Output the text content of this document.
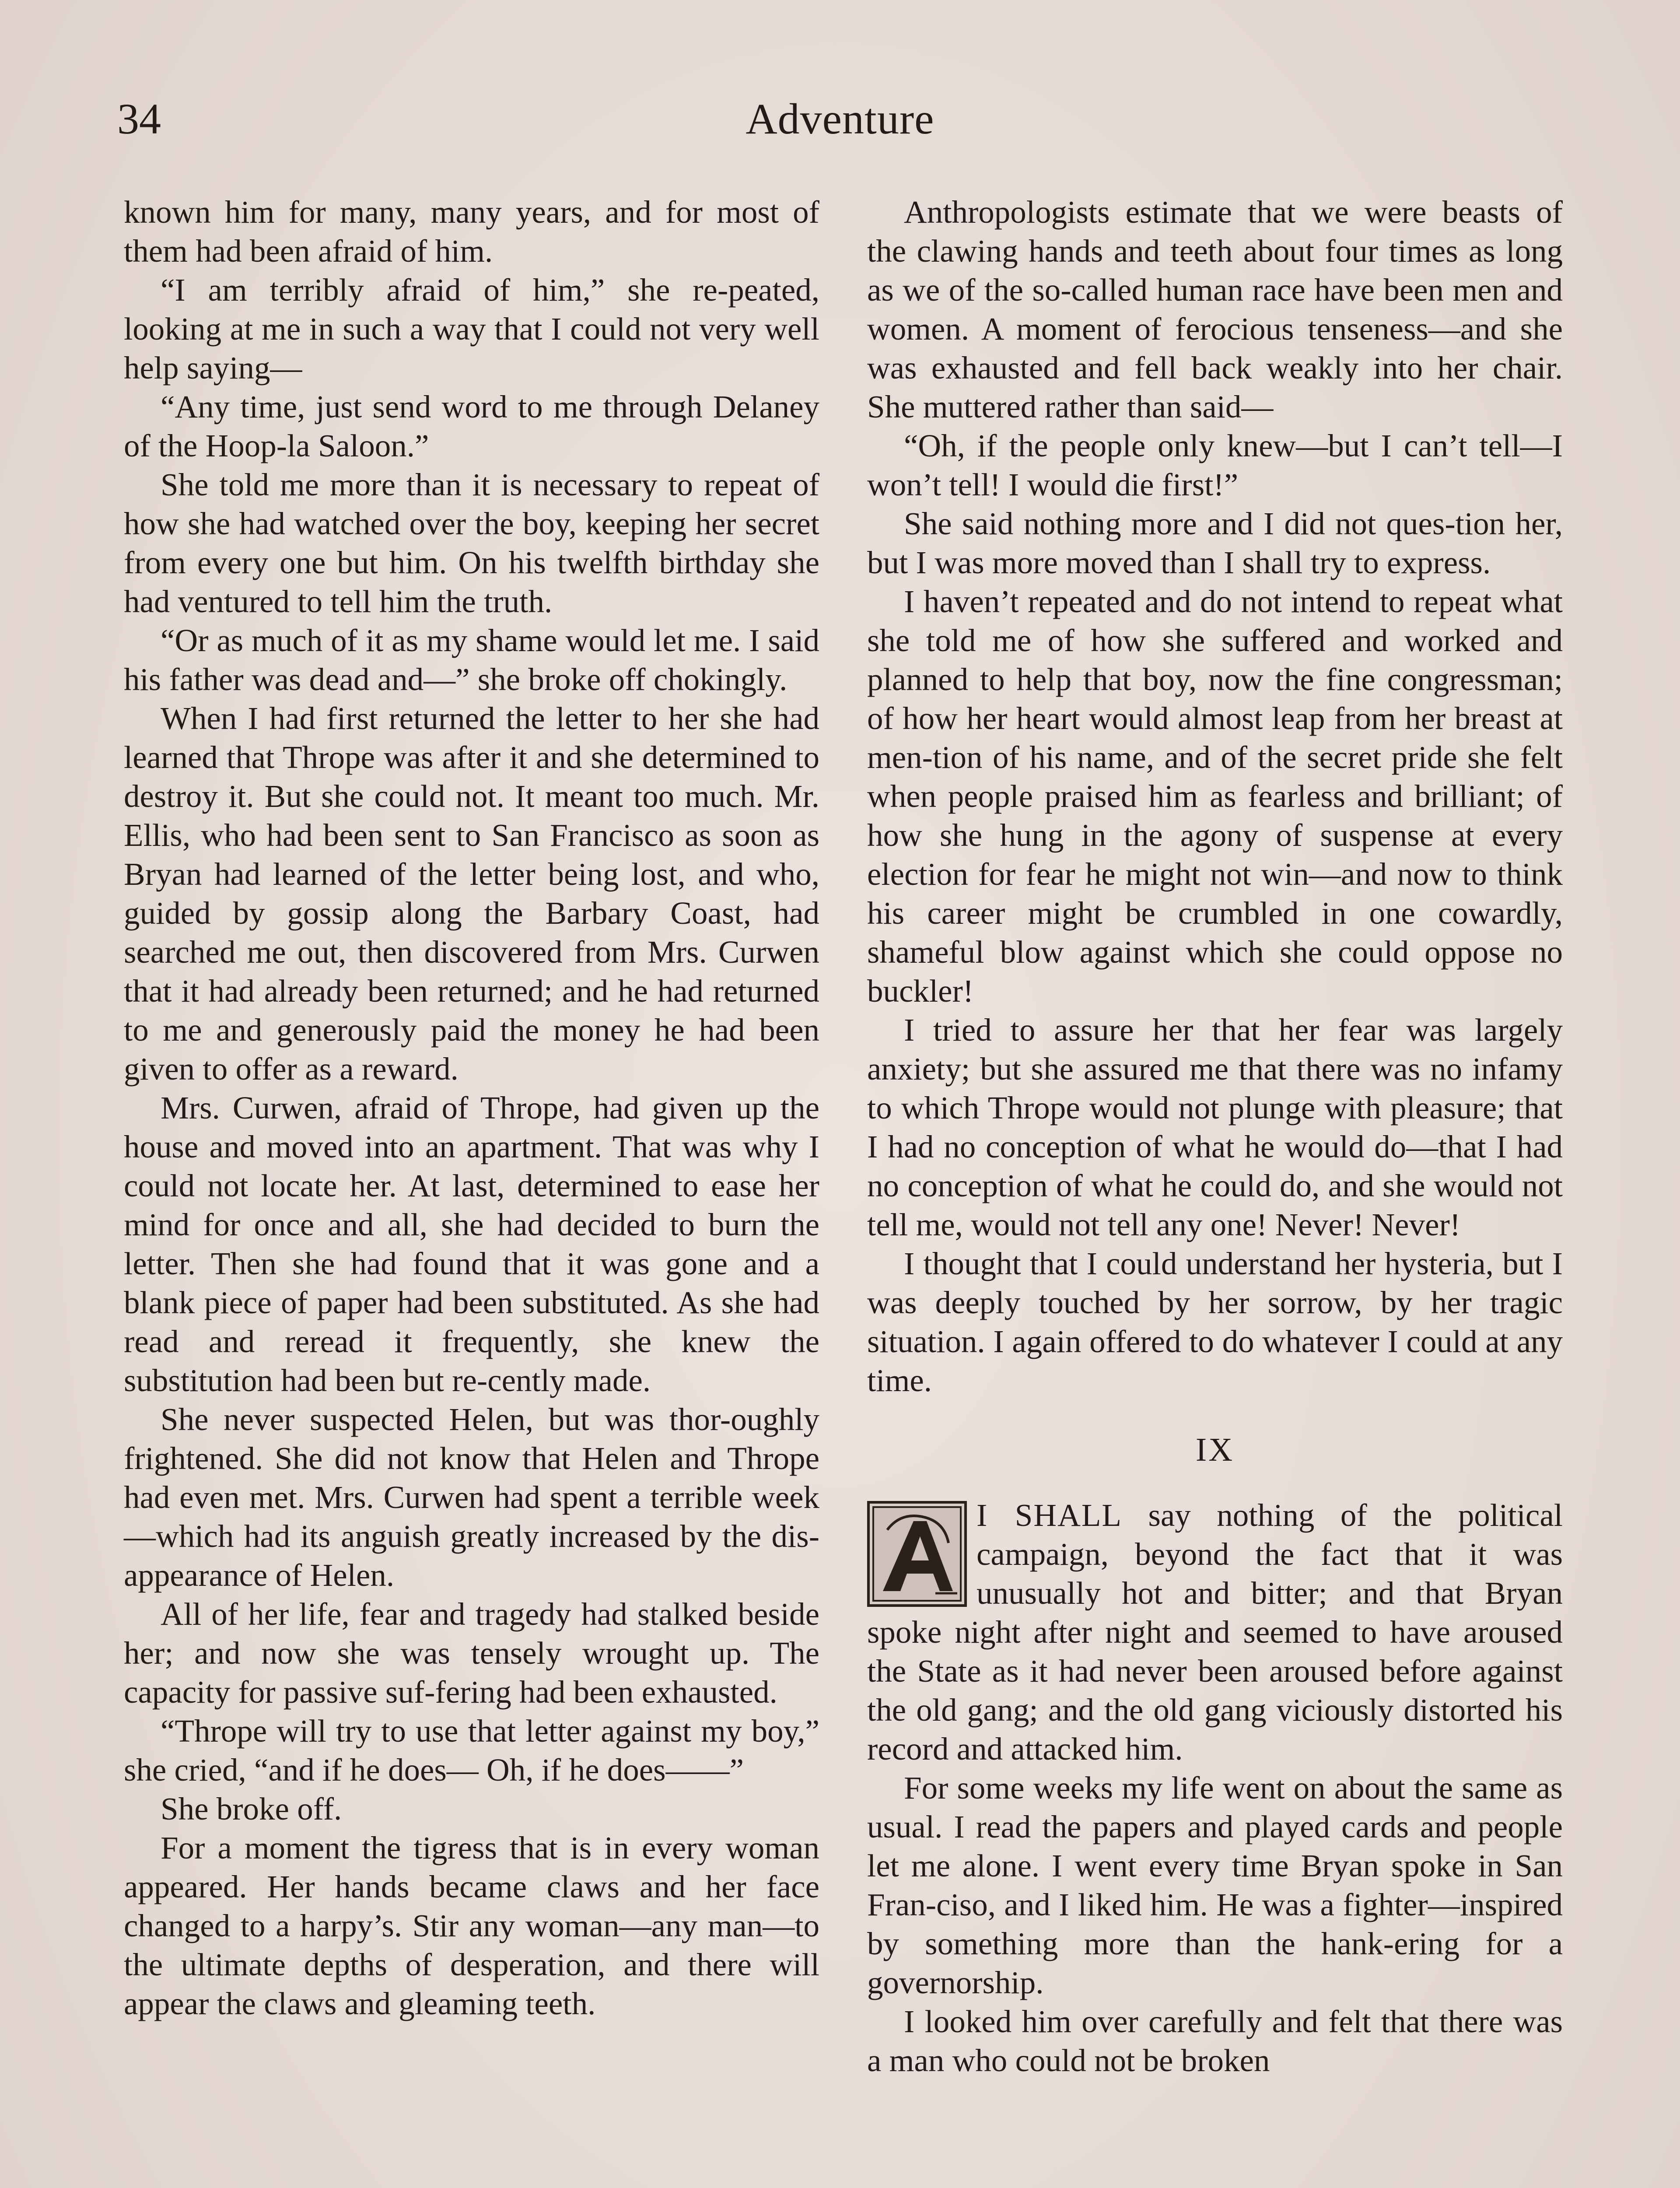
34	Adventure

known him for many, many years, and for most of them had been afraid of him.

“I am terribly afraid of him,” she re-peated, looking at me in such a way that I could not very well help saying—

“Any time, just send word to me through Delaney of the Hoop-la Saloon.”

She told me more than it is necessary to repeat of how she had watched over the boy, keeping her secret from every one but him. On his twelfth birthday she had ventured to tell him the truth.

“Or as much of it as my shame would let me. I said his father was dead and—” she broke off chokingly.

When I had first returned the letter to her she had learned that Thrope was after it and she determined to destroy it. But she could not. It meant too much. Mr. Ellis, who had been sent to San Francisco as soon as Bryan had learned of the letter being lost, and who, guided by gossip along the Barbary Coast, had searched me out, then discovered from Mrs. Curwen that it had already been returned; and he had returned to me and generously paid the money he had been given to offer as a reward.

Mrs. Curwen, afraid of Thrope, had given up the house and moved into an apartment. That was why I could not locate her. At last, determined to ease her mind for once and all, she had decided to burn the letter. Then she had found that it was gone and a blank piece of paper had been substituted. As she had read and reread it frequently, she knew the substitution had been but re-cently made.

She never suspected Helen, but was thor-oughly frightened. She did not know that Helen and Thrope had even met. Mrs. Curwen had spent a terrible week—which had its anguish greatly increased by the dis-appearance of Helen.

All of her life, fear and tragedy had stalked beside her; and now she was tensely wrought up. The capacity for passive suf-fering had been exhausted.

“Thrope will try to use that letter against my boy,” she cried, “and if he does— Oh, if he does——”

She broke off.

For a moment the tigress that is in every woman appeared. Her hands became claws and her face changed to a harpy’s. Stir any woman—any man—to the ultimate depths of desperation, and there will appear the claws and gleaming teeth.

Anthropologists estimate that we were beasts of the clawing hands and teeth about four times as long as we of the so-called human race have been men and women. A moment of ferocious tenseness—and she was exhausted and fell back weakly into her chair. She muttered rather than said—

“Oh, if the people only knew—but I can’t tell—I won’t tell! I would die first!”

She said nothing more and I did not ques-tion her, but I was more moved than I shall try to express.

I haven’t repeated and do not intend to repeat what she told me of how she suffered and worked and planned to help that boy, now the fine congressman; of how her heart would almost leap from her breast at men-tion of his name, and of the secret pride she felt when people praised him as fearless and brilliant; of how she hung in the agony of suspense at every election for fear he might not win—and now to think his career might be crumbled in one cowardly, shameful blow against which she could oppose no buckler!

I tried to assure her that her fear was largely anxiety; but she assured me that there was no infamy to which Thrope would not plunge with pleasure; that I had no conception of what he would do—that I had no conception of what he could do, and she would not tell me, would not tell any one! Never! Never!

I thought that I could understand her hysteria, but I was deeply touched by her sorrow, by her tragic situation. I again offered to do whatever I could at any time.

IX

I SHALL say nothing of the political campaign, beyond the fact that it was unusually hot and bitter; and that Bryan spoke night after night and seemed to have aroused the State as it had never been aroused before against the old gang; and the old gang viciously distorted his record and attacked him.

For some weeks my life went on about the same as usual. I read the papers and played cards and people let me alone. I went every time Bryan spoke in San Fran-ciso, and I liked him. He was a fighter—inspired by something more than the hank-ering for a governorship.

I looked him over carefully and felt that there was a man who could not be broken
